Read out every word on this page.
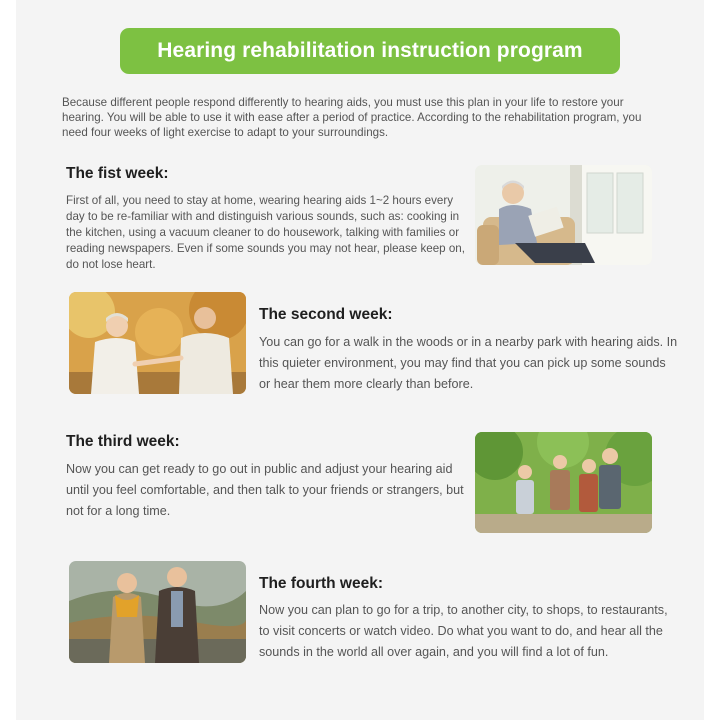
Hearing rehabilitation instruction program
Because different people respond differently to hearing aids, you must use this plan in your life to restore your hearing. You will be able to use it with ease after a period of practice. According to the rehabilitation program, you need four weeks of light exercise to adapt to your surroundings.
The fist week:
First of all, you need to stay at home, wearing hearing aids 1~2 hours every day to be re-familiar with and distinguish various sounds, such as: cooking in the kitchen, using a vacuum cleaner to do housework, talking with families or reading newspapers. Even if some sounds you may not hear, please keep on, do not lose heart.
The second week:
You can go for a walk in the woods or in a nearby park with hearing aids. In this quieter environment, you may find that you can pick up some sounds or hear them more clearly than before.
The third week:
Now you can get ready to go out in public and adjust your hearing aid until you feel comfortable, and then talk to your friends or strangers, but not for a long time.
The fourth week:
Now you can plan to go for a trip, to another city, to shops, to restaurants, to visit concerts or watch video. Do what you want to do, and hear all the sounds in the world all over again, and you will find a lot of fun.
